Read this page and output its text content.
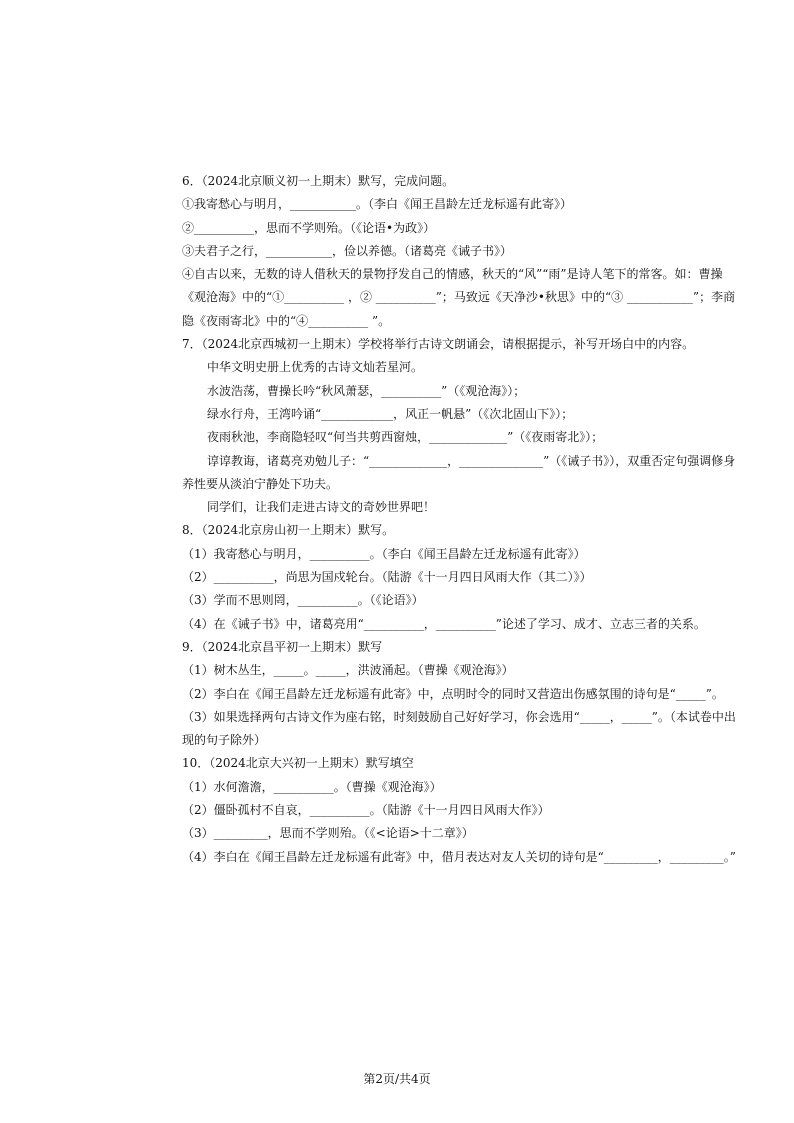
6．（2024北京顺义初一上期末）默写，完成问题。
①我寄愁心与明月，___________。（李白《闻王昌龄左迁龙标遥有此寄》）
②__________，思而不学则殆。（《论语•为政》）
③夫君子之行，___________，俭以养德。（诸葛亮《诫子书》）
④自古以来，无数的诗人借秋天的景物抒发自己的情感，秋天的“风”“雨”是诗人笔下的常客。如：曹操《观沧海》中的“①__________ ，② __________”；马致远《天净沙•秋思》中的“③ ___________”；李商隐《夜雨寄北》中的“④__________ ”。
7．（2024北京西城初一上期末）学校将举行古诗文朗诵会，请根据提示，补写开场白中的内容。
中华文明史册上优秀的古诗文灿若星河。
水波浩荡，曹操长吟“秋风萧瑟，__________”（《观沧海》）；
绿水行舟，王湾吟诵“____________，风正一帆悬”（《次北固山下》）；
夜雨秋池，李商隐轻叹“何当共剪西窗烛，_____________”（《夜雨寄北》）；
谆谆教诲，诸葛亮劝勉儿子：“_____________，______________”（《诫子书》），双重否定句强调修身养性要从淡泊宁静处下功夫。
同学们，让我们走进古诗文的奇妙世界吧！
8．（2024北京房山初一上期末）默写。
（1）我寄愁心与明月，__________。（李白《闻王昌龄左迁龙标遥有此寄》）
（2）__________，尚思为国戍轮台。（陆游《十一月四日风雨大作（其二）》）
（3）学而不思则罔，__________。（《论语》）
（4）在《诫子书》中，诸葛亮用“__________，__________”论述了学习、成才、立志三者的关系。
9．（2024北京昌平初一上期末）默写
（1）树木丛生，_____。_____，洪波涌起。（曹操《观沧海》）
（2）李白在《闻王昌龄左迁龙标遥有此寄》中，点明时令的同时又营造出伤感氛围的诗句是“_____”。
（3）如果选择两句古诗文作为座右铭，时刻鼓励自己好好学习，你会选用“_____，_____”。（本试卷中出现的句子除外）
10．（2024北京大兴初一上期末）默写填空
（1）水何澹澹，__________。（曹操《观沧海》）
（2）僵卧孤村不自哀，__________。（陆游《十一月四日风雨大作》）
（3）_________，思而不学则殆。（《<论语>十二章》）
（4）李白在《闻王昌龄左迁龙标遥有此寄》中，借月表达对友人关切的诗句是“_________，_________。”
第2页/共4页
